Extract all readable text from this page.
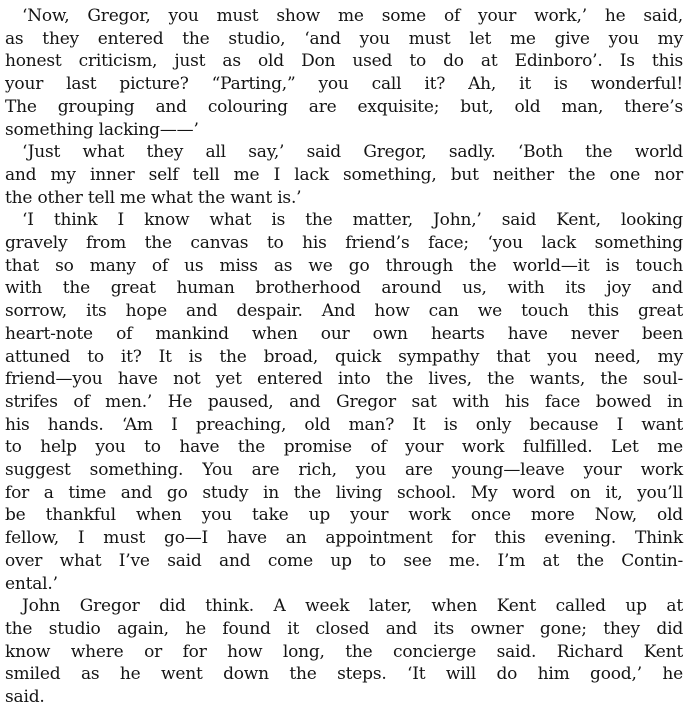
‘Now, Gregor, you must show me some of your work,’ he said,
as they entered the studio, ‘and you must let me give you my
honest criticism, just as old Don used to do at Edinboro’. Is this
your last picture? “Parting,” you call it? Ah, it is wonderful!
The grouping and colouring are exquisite; but, old man, there’s
something lacking——’
‘Just what they all say,’ said Gregor, sadly. ‘Both the world
and my inner self tell me I lack something, but neither the one nor
the other tell me what the want is.’
‘I think I know what is the matter, John,’ said Kent, looking
gravely from the canvas to his friend’s face; ‘you lack something
that so many of us miss as we go through the world—it is touch
with the great human brotherhood around us, with its joy and
sorrow, its hope and despair. And how can we touch this great
heart-note of mankind when our own hearts have never been
attuned to it? It is the broad, quick sympathy that you need, my
friend—you have not yet entered into the lives, the wants, the soul-
strifes of men.’ He paused, and Gregor sat with his face bowed in
his hands. ‘Am I preaching, old man? It is only because I want
to help you to have the promise of your work fulfilled. Let me
suggest something. You are rich, you are young—leave your work
for a time and go study in the living school. My word on it, you’ll
be thankful when you take up your work once more Now, old
fellow, I must go—I have an appointment for this evening. Think
over what I’ve said and come up to see me. I’m at the Contin-
ental.’
John Gregor did think. A week later, when Kent called up at
the studio again, he found it closed and its owner gone; they did
know where or for how long, the concierge said. Richard Kent
smiled as he went down the steps. ‘It will do him good,’ he
said.
